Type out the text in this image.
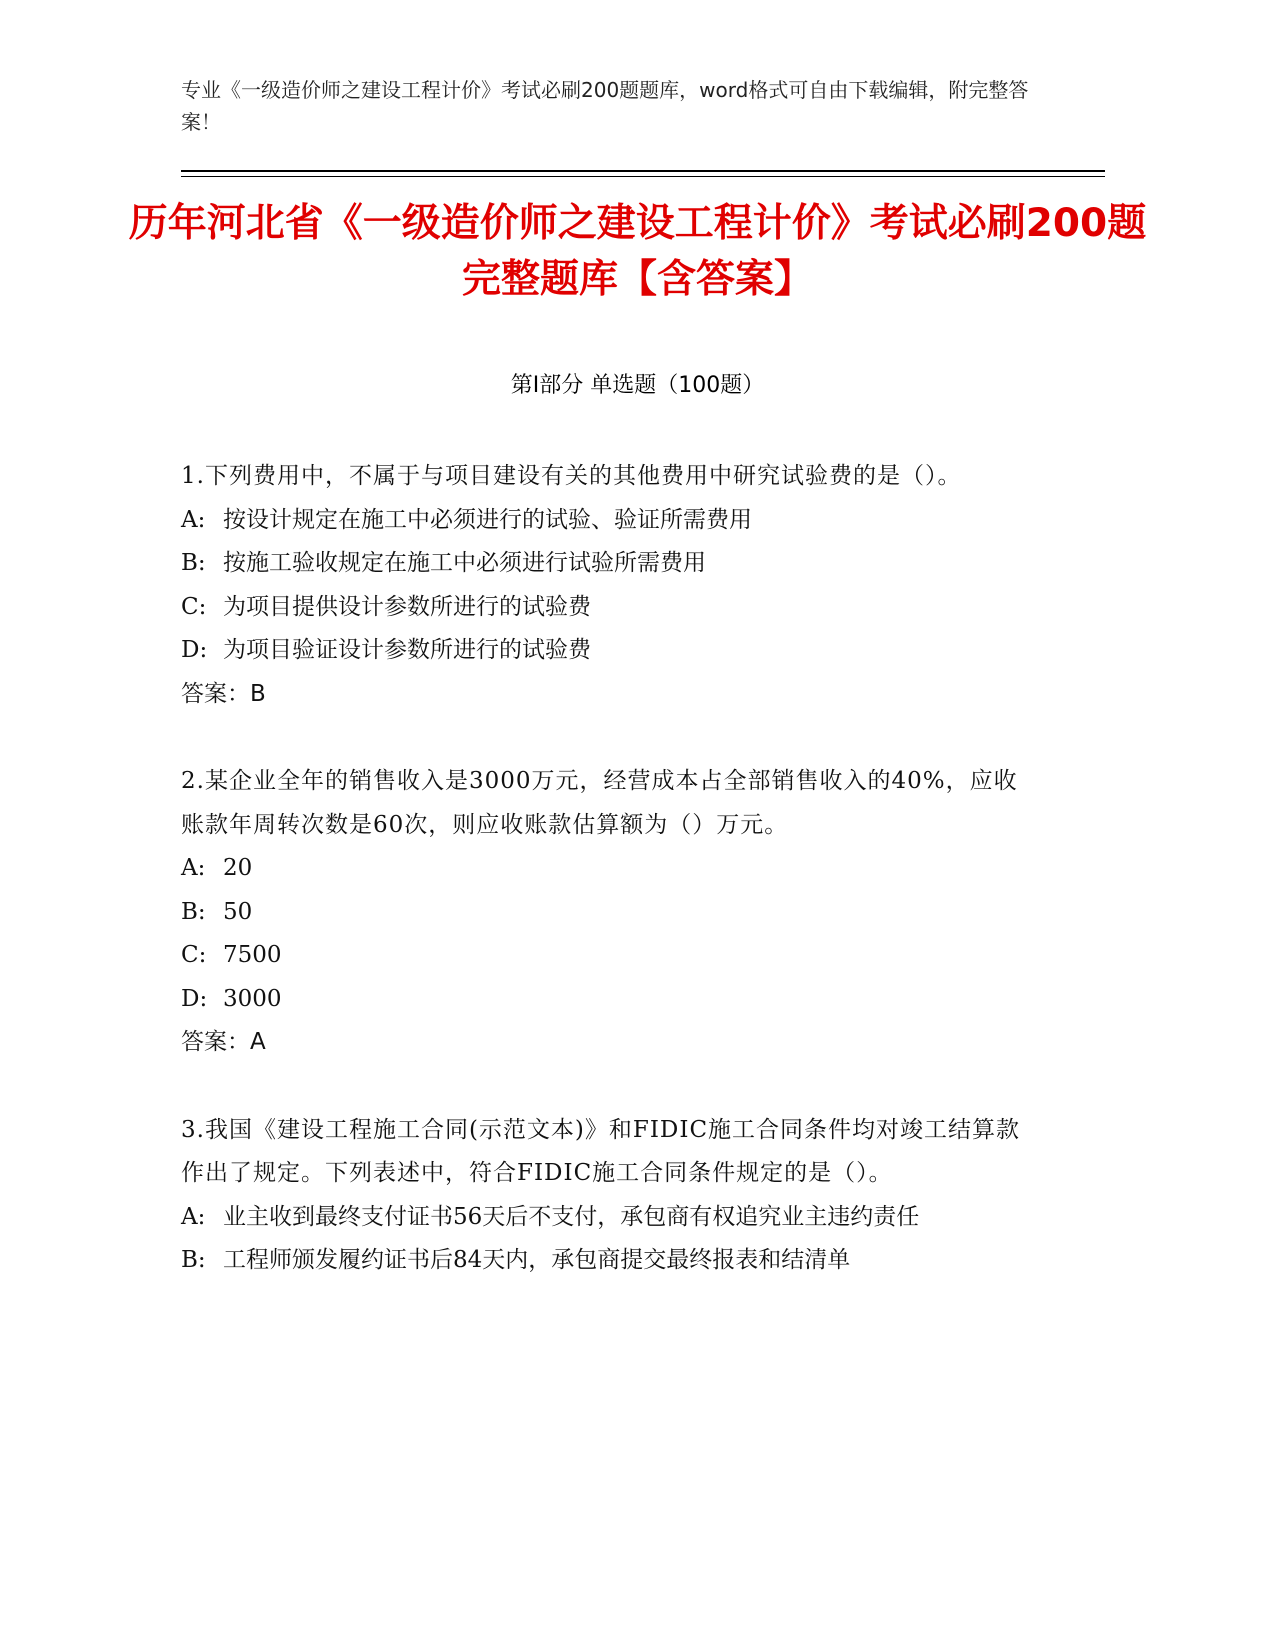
专业《一级造价师之建设工程计价》考试必刷200题题库，word格式可自由下载编辑，附完整答案！
历年河北省《一级造价师之建设工程计价》考试必刷200题完整题库【含答案】
第I部分 单选题（100题）
1.下列费用中，不属于与项目建设有关的其他费用中研究试验费的是（）。
A: 按设计规定在施工中必须进行的试验、验证所需费用
B: 按施工验收规定在施工中必须进行试验所需费用
C: 为项目提供设计参数所进行的试验费
D: 为项目验证设计参数所进行的试验费
答案：B
2.某企业全年的销售收入是3000万元，经营成本占全部销售收入的40%，应收账款年周转次数是60次，则应收账款估算额为（）万元。
A: 20
B: 50
C: 7500
D: 3000
答案：A
3.我国《建设工程施工合同(示范文本)》和FIDIC施工合同条件均对竣工结算款作出了规定。下列表述中，符合FIDIC施工合同条件规定的是（）。
A: 业主收到最终支付证书56天后不支付，承包商有权追究业主违约责任
B: 工程师颁发履约证书后84天内，承包商提交最终报表和结清单
